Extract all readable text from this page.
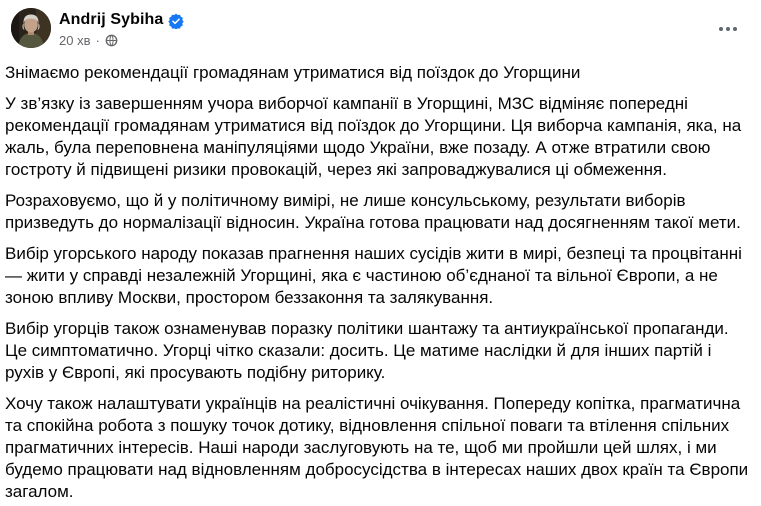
Andrij Sybiha
20 хв ·

Знімаємо рекомендації громадянам утриматися від поїздок до Угорщини

У зв’язку із завершенням учора виборчої кампанії в Угорщині, МЗС відміняє попередні рекомендації громадянам утриматися від поїздок до Угорщини. Ця виборча кампанія, яка, на жаль, була переповнена маніпуляціями щодо України, вже позаду. А отже втратили свою гостроту й підвищені ризики провокацій, через які запроваджувалися ці обмеження.

Розраховуємо, що й у політичному вимірі, не лише консульському, результати виборів призведуть до нормалізації відносин. Україна готова працювати над досягненням такої мети.

Вибір угорського народу показав прагнення наших сусідів жити в мирі, безпеці та процвітанні — жити у справді незалежній Угорщині, яка є частиною об’єднаної та вільної Європи, а не зоною впливу Москви, простором беззаконня та залякування.

Вибір угорців також ознаменував поразку політики шантажу та антиукраїнської пропаганди. Це симптоматично. Угорці чітко сказали: досить. Це матиме наслідки й для інших партій і рухів у Європі, які просувають подібну риторику.

Хочу також налаштувати українців на реалістичні очікування. Попереду копітка, прагматична та спокійна робота з пошуку точок дотику, відновлення спільної поваги та втілення спільних прагматичних інтересів. Наші народи заслуговують на те, щоб ми пройшли цей шлях, і ми будемо працювати над відновленням добросусідства в інтересах наших двох країн та Європи загалом.
